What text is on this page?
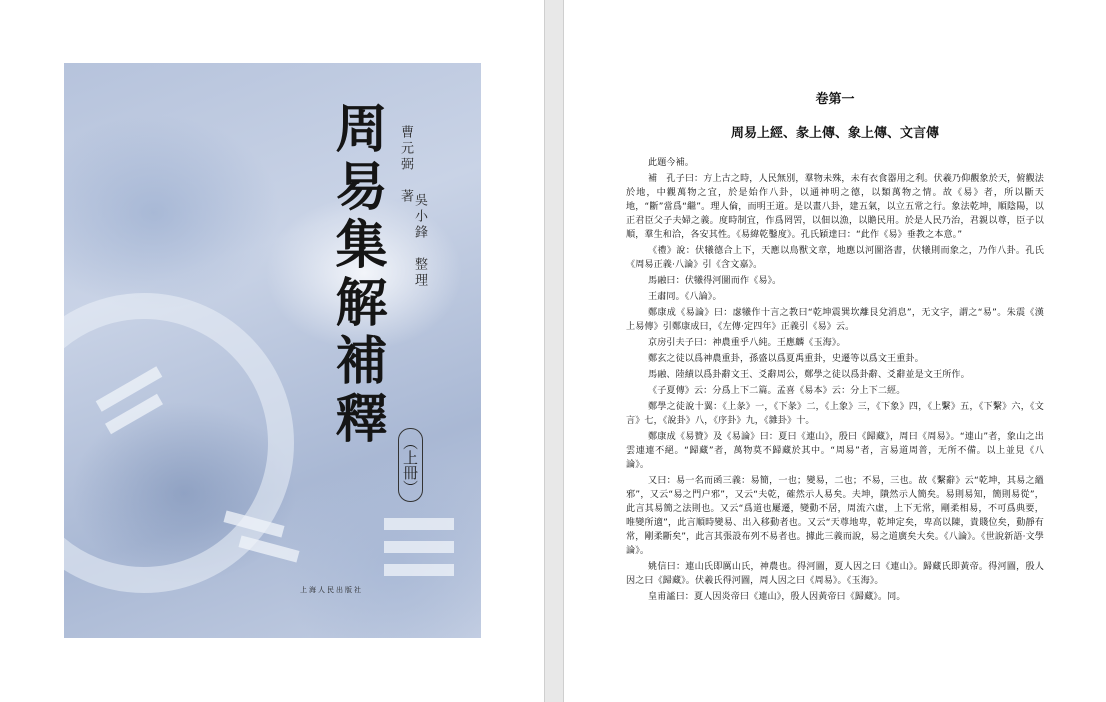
周易集解補釋 曹元弼　著
吳小鋒　整理
（上冊）
上海人民出版社
卷第一
周易上經、彖上傳、象上傳、文言傳

此題今補。

補　孔子曰：方上古之時，人民無別，羣物未殊，未有衣食器用之利。伏羲乃仰觀象於天，俯觀法於地，中觀萬物之宜，於是始作八卦，以通神明之德，以類萬物之情。故《易》者，所以斷天地，“斷”當爲“繼”。理人倫，而明王道。是以畫八卦，建五氣，以立五常之行。象法乾坤，順陰陽，以正君臣父子夫婦之義。度時制宜，作爲罔罟，以佃以漁，以贍民用。於是人民乃治，君親以尊，臣子以順，羣生和洽，各安其性。《易緯乾鑿度》。孔氏穎達曰：“此作《易》垂教之本意。”

《禮》說：伏犧德合上下，天應以鳥獸文章，地應以河圖洛書，伏犧則而象之，乃作八卦。孔氏《周易正義·八論》引《含文嘉》。

馬融曰：伏犧得河圖而作《易》。

王肅同。《八論》。

鄭康成《易論》曰：虙犧作十言之教曰“乾坤震巽坎離艮兌消息”，无文字，謂之“易”。朱震《漢上易傳》引鄭康成曰，《左傳·定四年》正義引《易》云。

京房引夫子曰：神農重乎八純。王應麟《玉海》。

鄭玄之徒以爲神農重卦，孫盛以爲夏禹重卦，史遷等以爲文王重卦。

馬融、陸績以爲卦辭文王、爻辭周公，鄭學之徒以爲卦辭、爻辭並是文王所作。

《子夏傳》云：分爲上下二篇。孟喜《易本》云：分上下二經。

鄭學之徒說十翼：《上彖》一，《下彖》二，《上象》三，《下象》四，《上繫》五，《下繫》六，《文言》七，《說卦》八，《序卦》九，《雜卦》十。

鄭康成《易贊》及《易論》曰：夏曰《連山》，殷曰《歸藏》，周曰《周易》。“連山”者，象山之出雲連連不絕。“歸藏”者，萬物莫不歸藏於其中。“周易”者，言易道周普，无所不備。以上並見《八論》。

又曰：易一名而函三義：易簡，一也；變易，二也；不易，三也。故《繫辭》云“乾坤，其易之縕邪”，又云“易之門户邪”，又云“夫乾，確然示人易矣。夫坤，隤然示人簡矣。易則易知，簡則易從”，此言其易簡之法則也。又云“爲道也屢遷，變動不居，周流六虛，上下无常，剛柔相易，不可爲典要，唯變所適”，此言順時變易、出入移動者也。又云“天尊地卑，乾坤定矣，卑高以陳，貴賤位矣，動靜有常，剛柔斷矣”，此言其張設布列不易者也。據此三義而說，易之道廣矣大矣。《八論》。《世說新語·文學論》。

姚信曰：連山氏即厲山氏，神農也。得河圖，夏人因之曰《連山》。歸藏氏即黃帝。得河圖，殷人因之曰《歸藏》。伏羲氏得河圖，周人因之曰《周易》。《玉海》。

皇甫謐曰：夏人因炎帝曰《連山》，殷人因黃帝曰《歸藏》。同。
